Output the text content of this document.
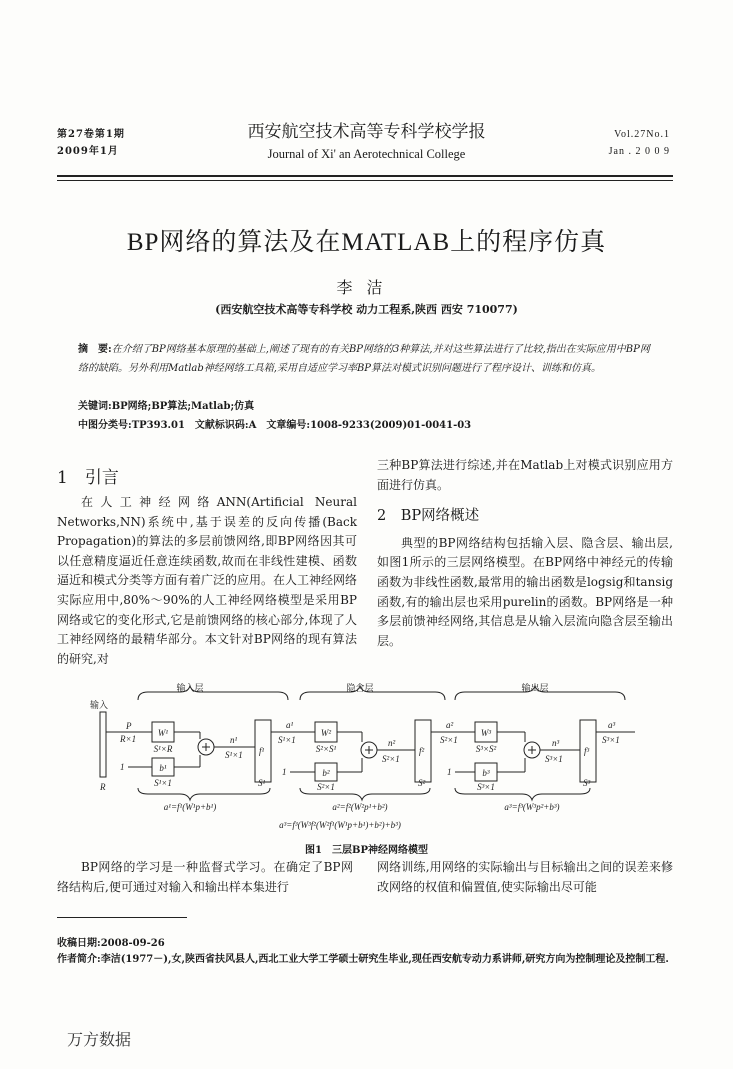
第27卷第1期
2009年1月
西安航空技术高等专科学校学报
Journal of Xi' an Aerotechnical College
Vol.27No.1
Jan . 2 0 0 9
BP网络的算法及在MATLAB上的程序仿真
李洁
(西安航空技术高等专科学校 动力工程系,陕西 西安 710077)
摘　要:在介绍了BP网络基本原理的基础上,阐述了现有的有关BP网络的3种算法,并对这些算法进行了比较,指出在实际应用中BP网络的缺陷。另外利用Matlab神经网络工具箱,采用自适应学习率BP算法对模式识别问题进行了程序设计、训练和仿真。
关键词:BP网络;BP算法;Matlab;仿真
中图分类号:TP393.01　文献标识码:A　文章编号:1008-9233(2009)01-0041-03
1　引言

在人工神经网络ANN(Artificial Neural Networks,NN)系统中,基于误差的反向传播(Back Propagation)的算法的多层前馈网络,即BP网络因其可以任意精度逼近任意连续函数,故而在非线性建模、函数逼近和模式分类等方面有着广泛的应用。在人工神经网络实际应用中,80%～90%的人工神经网络模型是采用BP网络或它的变化形式,它是前馈网络的核心部分,体现了人工神经网络的最精华部分。本文针对BP网络的现有算法的研究,对

三种BP算法进行综述,并在Matlab上对模式识别应用方面进行仿真。

2　BP网络概述

典型的BP网络结构包括输入层、隐含层、输出层,如图1所示的三层网络模型。在BP网络中神经元的传输函数为非线性函数,最常用的输出函数是logsig和tansig函数,有的输出层也采用purelin的函数。BP网络是一种多层前馈神经网络,其信息是从输入层流向隐含层至输出层。

输入层	隐含层	输出层
输入
P
R×1
R
1	1	1
W¹	W²	W³
b¹	b²	b³
S¹×R	S²×S¹	S³×S²
S¹×1	S²×1	S³×1
n¹
S¹×1
n²
S²×1
n³
S³×1
f¹	f²	f³
a¹
S¹×1
a²
S²×1
a³
S³×1
S¹	S²	S³
a¹=f¹(W¹p+b¹)	a²=f²(W²p¹+b²)	a³=f³(W³p²+b³)
a³=f³(W³f²(W²f¹(W¹p+b¹)+b²)+b³)
图1　三层BP神经网络模型

BP网络的学习是一种监督式学习。在确定了BP网络结构后,便可通过对输入和输出样本集进行

网络训练,用网络的实际输出与目标输出之间的误差来修改网络的权值和偏置值,使实际输出尽可能

收稿日期:2008-09-26
作者简介:李洁(1977－),女,陕西省扶风县人,西北工业大学工学硕士研究生毕业,现任西安航专动力系讲师,研究方向为控制理论及控制工程.
万方数据
